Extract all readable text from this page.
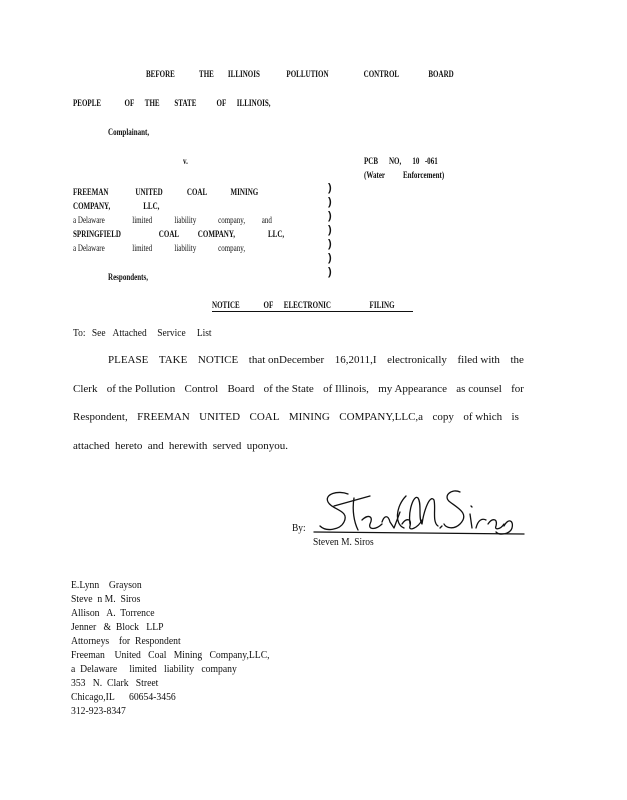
BEFORE	THE ILLINOIS	POLLUTION	CONTROL	BOARD
PEOPLE	OF THE STATE OF ILLINOIS,
Complainant,
v.	PCB NO, 10 -061
(Water Enforcement)
FREEMAN	UNITED	COAL	MINING
COMPANY,	LLC,
a Delaware	limited liability company, and
SPRINGFIELD	COAL COMPANY,	LLC,
a Delaware	limited liability company,
)
)
)
)
)
)
)
Respondents,
NOTICE	OF ELECTRONIC	FILING
To: See Attached Service List
PLEASE TAKE NOTICE that onDecember 16,2011,I electronically filed with the
Clerk of the Pollution Control Board of the State of Illinois, my Appearance as counsel for
Respondent, FREEMAN UNITED COAL MINING COMPANY,LLC,a copy of which is
attached hereto and herewith served uponyou.
By:
Steven M. Siros
E.Lynn    Grayson
Steve  n M.  Siros
Allison   A.  Torrence
Jenner   &  Block   LLP
Attorneys    for  Respondent
Freeman    United   Coal   Mining   Company,LLC,
a  Delaware     limited   liability   company
353   N.  Clark   Street
Chicago,IL      60654-3456
312-923-8347
